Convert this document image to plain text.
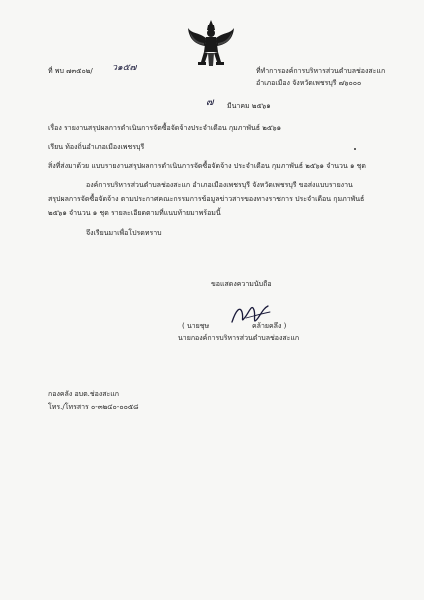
ที่ พบ ๗๓๕๐๒/ ว๑๕๗	ที่ทำการองค์การบริหารส่วนตำบลช่องสะแก
อำเภอเมือง จังหวัดเพชรบุรี ๗๖๐๐๐
๗ มีนาคม ๒๕๖๑
เรื่อง รายงานสรุปผลการดำเนินการจัดซื้อจัดจ้างประจำเดือน กุมภาพันธ์ ๒๕๖๑
เรียน ท้องถิ่นอำเภอเมืองเพชรบุรี
สิ่งที่ส่งมาด้วย แบบรายงานสรุปผลการดำเนินการจัดซื้อจัดจ้าง ประจำเดือน กุมภาพันธ์ ๒๕๖๑ จำนวน ๑ ชุด
องค์การบริหารส่วนตำบลช่องสะแก อำเภอเมืองเพชรบุรี จังหวัดเพชรบุรี ขอส่งแบบรายงาน
สรุปผลการจัดซื้อจัดจ้าง ตามประกาศคณะกรรมการข้อมูลข่าวสารของทางราชการ ประจำเดือน กุมภาพันธ์
๒๕๖๑ จำนวน ๑ ชุด รายละเอียดตามที่แนบท้ายมาพร้อมนี้
จึงเรียนมาเพื่อโปรดทราบ
ขอแสดงความนับถือ
( นายชุษ	คล้ายคลึง )
นายกองค์การบริหารส่วนตำบลช่องสะแก
กองคลัง อบต.ช่องสะแก
โทร./โทรสาร ๐-๓๒๔๐-๐๐๕๘
